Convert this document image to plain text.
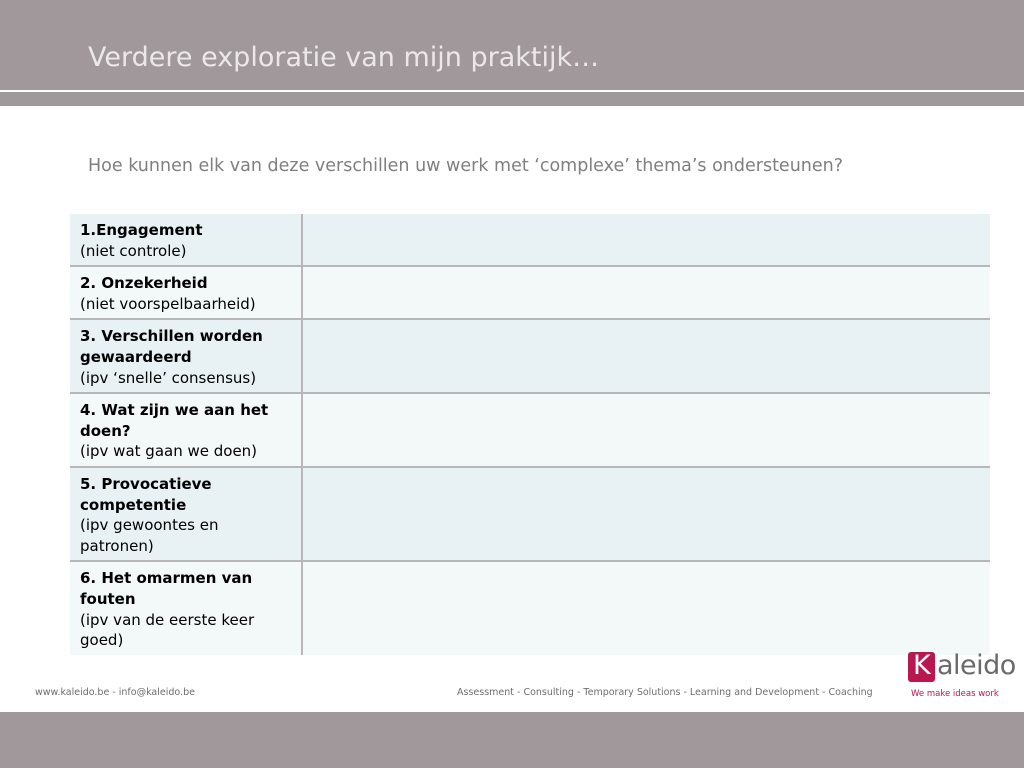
Verdere exploratie van mijn praktijk…
Hoe kunnen elk van deze verschillen uw werk met ‘complexe’ thema’s ondersteunen?
1.Engagement
(niet controle)	

2. Onzekerheid
(niet voorspelbaarheid)	

3. Verschillen worden gewaardeerd
(ipv ‘snelle’ consensus)	

4. Wat zijn we aan het doen?
(ipv wat gaan we doen)	

5. Provocatieve competentie
(ipv gewoontes en patronen)	

6. Het omarmen van fouten
(ipv van de eerste keer goed)	

www.kaleido.be - info@kaleido.be	Assessment - Consulting - Temporary Solutions - Learning and Development - Coaching
K aleido
We make ideas work
